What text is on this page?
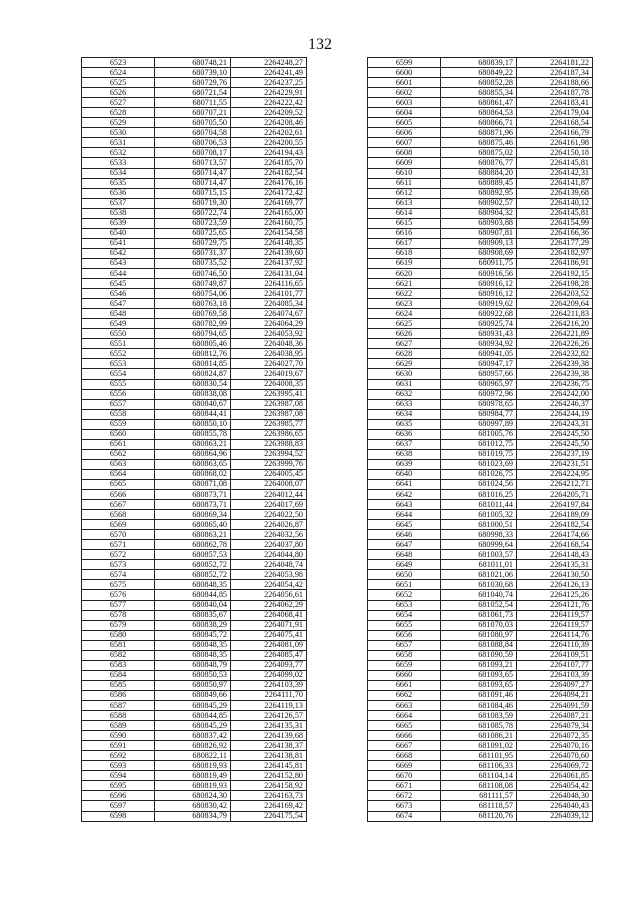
132
6523	680748,21	2264248,27
6524	680739,10	2264241,49
6525	680729,76	2264237,25
6526	680721,54	2264229,91
6527	680711,55	2264222,42
6528	680707,21	2264209,52
6529	680705,50	2264208,46
6530	680704,58	2264202,61
6531	680706,53	2264200,55
6532	680708,17	2264194,43
6533	680713,57	2264185,70
6534	680714,47	2264182,54
6535	680714,47	2264176,16
6536	680715,15	2264172,42
6537	680719,30	2264169,77
6538	680722,74	2264165,00
6539	680723,59	2264160,75
6540	680725,65	2264154,58
6541	680729,75	2264148,35
6542	680731,37	2264139,60
6543	680735,52	2264137,92
6544	680746,50	2264131,04
6545	680749,87	2264116,65
6546	680754,06	2264101,77
6547	680763,18	2264085,34
6548	680769,58	2264074,67
6549	680782,99	2264064,29
6550	680794,65	2264053,92
6551	680805,46	2264048,36
6552	680812,76	2264038,95
6553	680814,85	2264027,70
6554	680824,87	2264019,67
6555	680830,54	2264008,35
6556	680838,08	2263995,41
6557	680840,67	2263987,08
6558	680844,41	2263987,08
6559	680850,10	2263985,77
6560	680855,78	2263986,65
6561	680863,21	2263988,83
6562	680864,96	2263994,52
6563	680863,65	2263999,76
6564	680868,02	2264005,45
6565	680871,08	2264008,07
6566	680873,71	2264012,44
6567	680873,71	2264017,69
6568	680869,34	2264022,50
6569	680865,40	2264026,87
6570	680863,21	2264032,56
6571	680862,78	2264037,80
6572	680857,53	2264044,80
6573	680852,72	2264048,74
6574	680852,72	2264053,98
6575	680848,35	2264054,42
6576	680844,85	2264056,61
6577	680840,04	2264062,29
6578	680835,67	2264068,41
6579	680838,29	2264071,91
6580	680845,72	2264075,41
6581	680848,35	2264081,09
6582	680848,35	2264085,47
6583	680848,79	2264093,77
6584	680850,53	2264099,02
6585	680850,97	2264103,39
6586	680849,66	2264111,70
6587	680845,29	2264119,13
6588	680844,85	2264126,57
6589	680845,29	2264135,31
6590	680837,42	2264139,68
6591	680826,92	2264138,37
6592	680822,11	2264138,81
6593	680819,93	2264145,81
6594	680819,49	2264152,80
6595	680819,93	2264158,92
6596	680824,30	2264163,73
6597	680830,42	2264169,42
6598	680834,79	2264175,54
6599	680839,17	2264181,22
6600	680849,22	2264187,34
6601	680852,28	2264188,66
6602	680855,34	2264187,78
6603	680861,47	2264183,41
6604	680864,53	2264179,04
6605	680866,71	2264168,54
6606	680871,96	2264166,79
6607	680875,46	2264161,98
6608	680875,02	2264150,18
6609	680876,77	2264145,81
6610	680884,20	2264142,31
6611	680889,45	2264141,87
6612	680892,95	2264139,68
6613	680902,57	2264140,12
6614	680904,32	2264145,81
6615	680903,88	2264154,99
6616	680907,81	2264166,36
6617	680909,13	2264177,29
6618	680908,69	2264182,97
6619	680911,75	2264186,91
6620	680916,56	2264192,15
6621	680916,12	2264198,28
6622	680916,12	2264203,52
6623	680919,62	2264209,64
6624	680922,68	2264211,83
6625	680925,74	2264216,20
6626	680931,43	2264221,89
6627	680934,92	2264226,26
6628	680941,05	2264232,82
6629	680947,17	2264239,38
6630	680957,66	2264239,38
6631	680965,97	2264236,75
6632	680972,96	2264242,00
6633	680978,65	2264246,37
6634	680984,77	2264244,19
6635	680997,89	2264243,31
6636	681005,76	2264245,50
6637	681012,75	2264245,50
6638	681019,75	2264237,19
6639	681023,69	2264231,51
6640	681026,75	2264224,95
6641	681024,56	2264212,71
6642	681016,25	2264205,71
6643	681011,44	2264197,84
6644	681005,32	2264189,09
6645	681000,51	2264182,54
6646	680998,33	2264174,66
6647	680999,64	2264168,54
6648	681003,57	2264148,43
6649	681011,01	2264135,31
6650	681021,06	2264130,50
6651	681030,68	2264126,13
6652	681040,74	2264125,26
6653	681052,54	2264121,76
6654	681061,73	2264119,57
6655	681070,03	2264119,57
6656	681080,97	2264114,76
6657	681088,84	2264110,39
6658	681090,59	2264109,51
6659	681093,21	2264107,77
6660	681093,65	2264103,39
6661	681093,65	2264097,27
6662	681091,46	2264094,21
6663	681084,46	2264091,59
6664	681083,59	2264087,21
6665	681085,78	2264079,34
6666	681086,21	2264072,35
6667	681091,02	2264070,16
6668	681101,95	2264070,60
6669	681106,33	2264069,72
6670	681104,14	2264061,85
6671	681108,08	2264054,42
6672	681111,57	2264048,30
6673	681118,57	2264040,43
6674	681120,76	2264039,12
